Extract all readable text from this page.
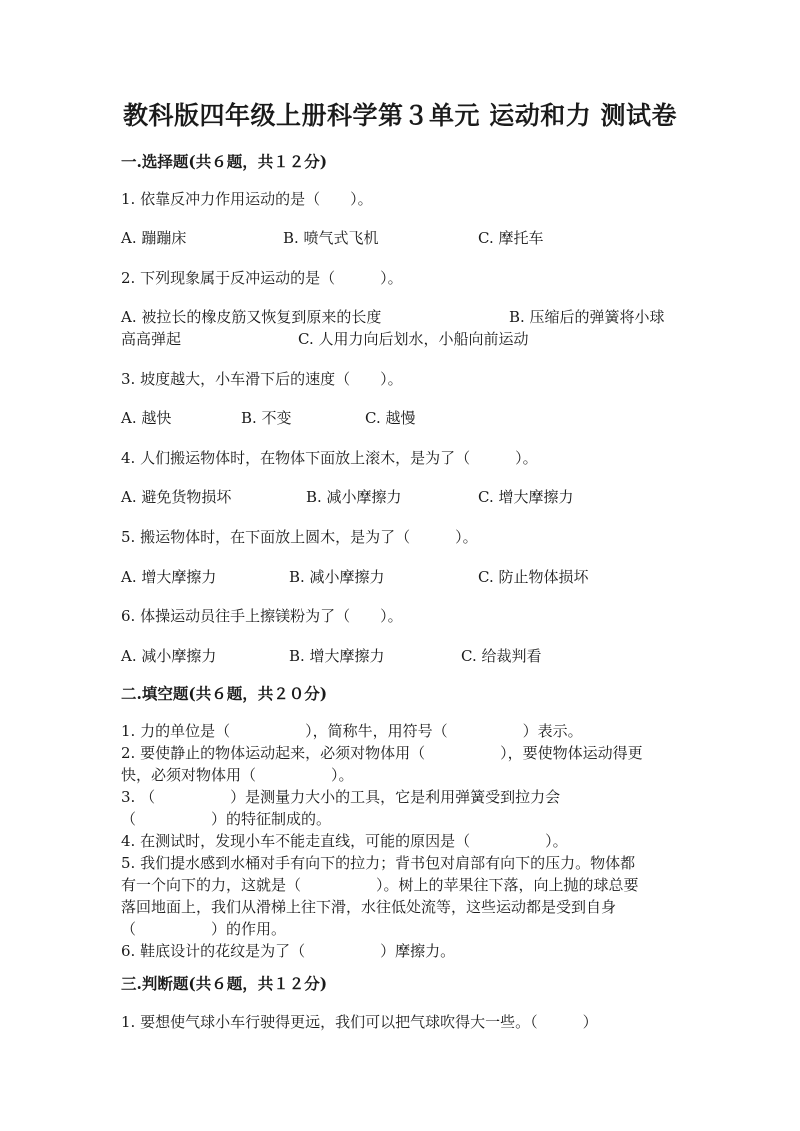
教科版四年级上册科学第３单元 运动和力 测试卷
一.选择题(共６题，共１２分)
1. 依靠反冲力作用运动的是（　　）。
A. 蹦蹦床	B. 喷气式飞机	C. 摩托车
2. 下列现象属于反冲运动的是（　　　）。
A. 被拉长的橡皮筋又恢复到原来的长度	B. 压缩后的弹簧将小球
高高弹起	C. 人用力向后划水，小船向前运动
3. 坡度越大，小车滑下后的速度（　　）。
A. 越快	B. 不变	C. 越慢
4. 人们搬运物体时，在物体下面放上滚木，是为了（　　　）。
A. 避免货物损坏	B. 减小摩擦力	C. 增大摩擦力
5. 搬运物体时，在下面放上圆木，是为了（　　　）。
A. 增大摩擦力	B. 减小摩擦力	C. 防止物体损坏
6. 体操运动员往手上擦镁粉为了（　　）。
A. 减小摩擦力	B. 增大摩擦力	C. 给裁判看
二.填空题(共６题，共２０分)

1. 力的单位是（　　　　　），简称牛，用符号（　　　　　）表示。

2. 要使静止的物体运动起来，必须对物体用（　　　　　），要使物体运动得更

快，必须对物体用（　　　　　）。

3. （　　　　　）是测量力大小的工具，它是利用弹簧受到拉力会

（　　　　　）的特征制成的。

4. 在测试时，发现小车不能走直线，可能的原因是（　　　　　）。

5. 我们提水感到水桶对手有向下的拉力；背书包对肩部有向下的压力。物体都

有一个向下的力，这就是（　　　　　）。树上的苹果往下落，向上抛的球总要

落回地面上，我们从滑梯上往下滑，水往低处流等，这些运动都是受到自身

（　　　　　）的作用。

6. 鞋底设计的花纹是为了（　　　　　）摩擦力。

三.判断题(共６题，共１２分)
1. 要想使气球小车行驶得更远，我们可以把气球吹得大一些。（　　　）
